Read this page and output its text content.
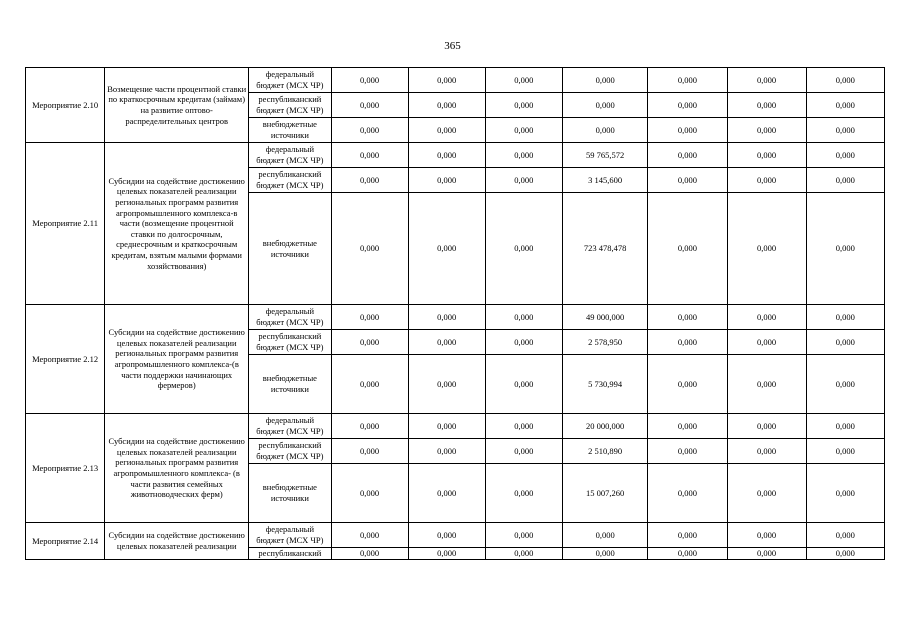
365
Мероприятие 2.10	Возмещение части процентной ставки по краткосрочным кредитам (займам) на развитие оптово-распределительных центров	федеральный бюджет (МСХ ЧР)	0,000	0,000	0,000	0,000	0,000	0,000	0,000
		республиканский бюджет (МСХ ЧР)	0,000	0,000	0,000	0,000	0,000	0,000	0,000
		внебюджетные источники	0,000	0,000	0,000	0,000	0,000	0,000	0,000
Мероприятие 2.11	Субсидии на содействие достижению целевых показателей реализации региональных программ развития агропромышленного комплекса-в части (возмещение процентной ставки по долгосрочным, среднесрочным и краткосрочным кредитам, взятым малыми формами хозяйствования)	федеральный бюджет (МСХ ЧР)	0,000	0,000	0,000	59 765,572	0,000	0,000	0,000
		республиканский бюджет (МСХ ЧР)	0,000	0,000	0,000	3 145,600	0,000	0,000	0,000
		внебюджетные источники	0,000	0,000	0,000	723 478,478	0,000	0,000	0,000
Мероприятие 2.12	Субсидии на содействие достижению целевых показателей реализации региональных программ развития агропромышленного комплекса-(в части поддержки начинающих фермеров)	федеральный бюджет (МСХ ЧР)	0,000	0,000	0,000	49 000,000	0,000	0,000	0,000
		республиканский бюджет (МСХ ЧР)	0,000	0,000	0,000	2 578,950	0,000	0,000	0,000
		внебюджетные источники	0,000	0,000	0,000	5 730,994	0,000	0,000	0,000
Мероприятие 2.13	Субсидии на содействие достижению целевых показателей реализации региональных программ развития агропромышленного комплекса- (в части развития семейных животноводческих ферм)	федеральный бюджет (МСХ ЧР)	0,000	0,000	0,000	20 000,000	0,000	0,000	0,000
		республиканский бюджет (МСХ ЧР)	0,000	0,000	0,000	2 510,890	0,000	0,000	0,000
		внебюджетные источники	0,000	0,000	0,000	15 007,260	0,000	0,000	0,000
Мероприятие 2.14	Субсидии на содействие достижению целевых показателей реализации	федеральный бюджет (МСХ ЧР)	0,000	0,000	0,000	0,000	0,000	0,000	0,000
		республиканский	0,000	0,000	0,000	0,000	0,000	0,000	0,000
